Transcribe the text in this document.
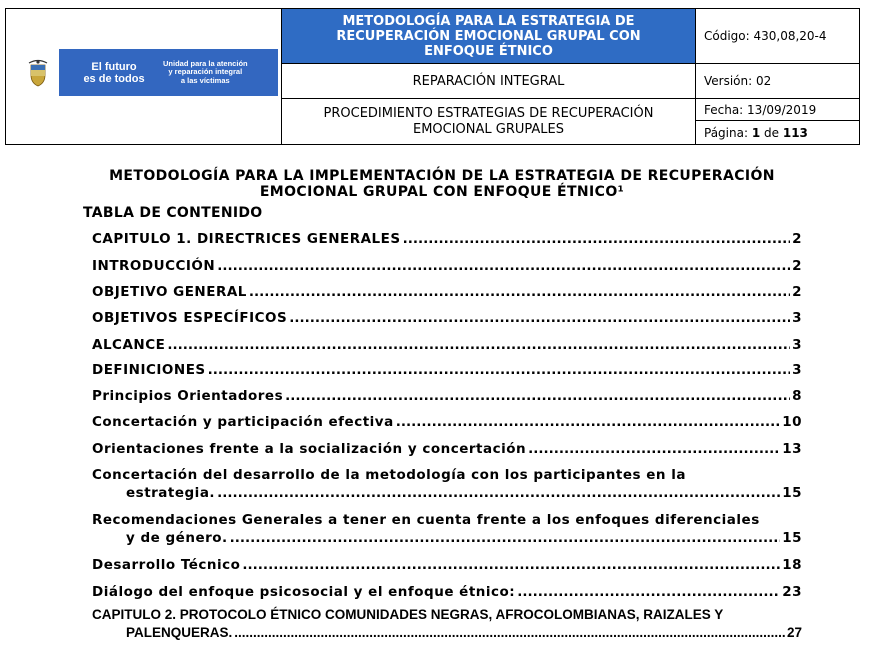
El futuro
es de todos
Unidad para la atención
y reparación integral
a las víctimas
METODOLOGÍA PARA LA ESTRATEGIA DE RECUPERACIÓN EMOCIONAL GRUPAL CON ENFOQUE ÉTNICO
REPARACIÓN INTEGRAL
PROCEDIMIENTO ESTRATEGIAS DE RECUPERACIÓN EMOCIONAL GRUPALES
Código: 430,08,20-4
Versión: 02
Fecha: 13/09/2019
Página:
1
de
113
METODOLOGÍA PARA LA IMPLEMENTACIÓN DE LA ESTRATEGIA DE RECUPERACIÓN EMOCIONAL GRUPAL CON ENFOQUE ÉTNICO¹
TABLA DE CONTENIDO
CAPITULO 1. DIRECTRICES GENERALES .....	2
INTRODUCCIÓN .....	2
OBJETIVO GENERAL .....	2
OBJETIVOS ESPECÍFICOS .....	3
ALCANCE .....	3
DEFINICIONES .....	3
Principios Orientadores .....	8
Concertación y participación efectiva .....	10
Orientaciones frente a la socialización y concertación .....	13
Concertación del desarrollo de la metodología con los participantes en la
estrategia. .....	15
Recomendaciones Generales a tener en cuenta frente a los enfoques diferenciales
y de género. .....	15
Desarrollo Técnico .....	18
Diálogo del enfoque psicosocial y el enfoque étnico: .....	23
CAPITULO 2. PROTOCOLO ÉTNICO COMUNIDADES NEGRAS, AFROCOLOMBIANAS, RAIZALES Y
PALENQUERAS. .....	27
